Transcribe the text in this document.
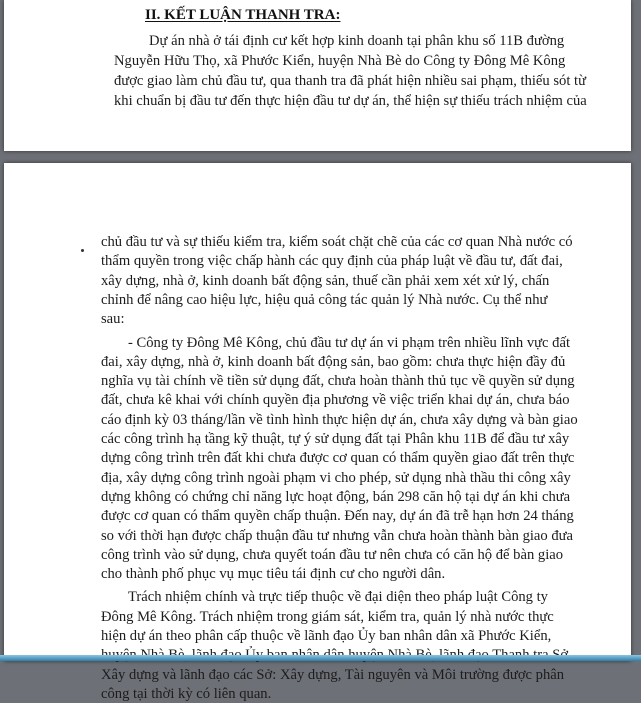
II. KẾT LUẬN THANH TRA:
Dự án nhà ở tái định cư kết hợp kinh doanh tại phân khu số 11B đường
Nguyễn Hữu Thọ, xã Phước Kiển, huyện Nhà Bè do Công ty Đông Mê Kông
được giao làm chủ đầu tư, qua thanh tra đã phát hiện nhiều sai phạm, thiếu sót từ
khi chuẩn bị đầu tư đến thực hiện đầu tư dự án, thể hiện sự thiếu trách nhiệm của
chủ đầu tư và sự thiếu kiểm tra, kiểm soát chặt chẽ của các cơ quan Nhà nước có
thẩm quyền trong việc chấp hành các quy định của pháp luật về đầu tư, đất đai,
xây dựng, nhà ở, kinh doanh bất động sản, thuế cần phải xem xét xử lý, chấn
chỉnh để nâng cao hiệu lực, hiệu quả công tác quản lý Nhà nước. Cụ thể như
sau:
- Công ty Đông Mê Kông, chủ đầu tư dự án vi phạm trên nhiều lĩnh vực đất
đai, xây dựng, nhà ở, kinh doanh bất động sản, bao gồm: chưa thực hiện đầy đủ
nghĩa vụ tài chính về tiền sử dụng đất, chưa hoàn thành thủ tục về quyền sử dụng
đất, chưa kê khai với chính quyền địa phương về việc triển khai dự án, chưa báo
cáo định kỳ 03 tháng/lần về tình hình thực hiện dự án, chưa xây dựng và bàn giao
các công trình hạ tầng kỹ thuật, tự ý sử dụng đất tại Phân khu 11B để đầu tư xây
dựng công trình trên đất khi chưa được cơ quan có thẩm quyền giao đất trên thực
địa, xây dựng công trình ngoài phạm vi cho phép, sử dụng nhà thầu thi công xây
dựng không có chứng chỉ năng lực hoạt động, bán 298 căn hộ tại dự án khi chưa
được cơ quan có thẩm quyền chấp thuận. Đến nay, dự án đã trễ hạn hơn 24 tháng
so với thời hạn được chấp thuận đầu tư nhưng vẫn chưa hoàn thành bàn giao đưa
công trình vào sử dụng, chưa quyết toán đầu tư nên chưa có căn hộ để bàn giao
cho thành phố phục vụ mục tiêu tái định cư cho người dân.
Trách nhiệm chính và trực tiếp thuộc về đại diện theo pháp luật Công ty
Đông Mê Kông. Trách nhiệm trong giám sát, kiểm tra, quản lý nhà nước thực
hiện dự án theo phân cấp thuộc về lãnh đạo Ủy ban nhân dân xã Phước Kiển,
Xây dựng và lãnh đạo các Sở: Xây dựng, Tài nguyên và Môi trường được phân
công tại thời kỳ có liên quan.
